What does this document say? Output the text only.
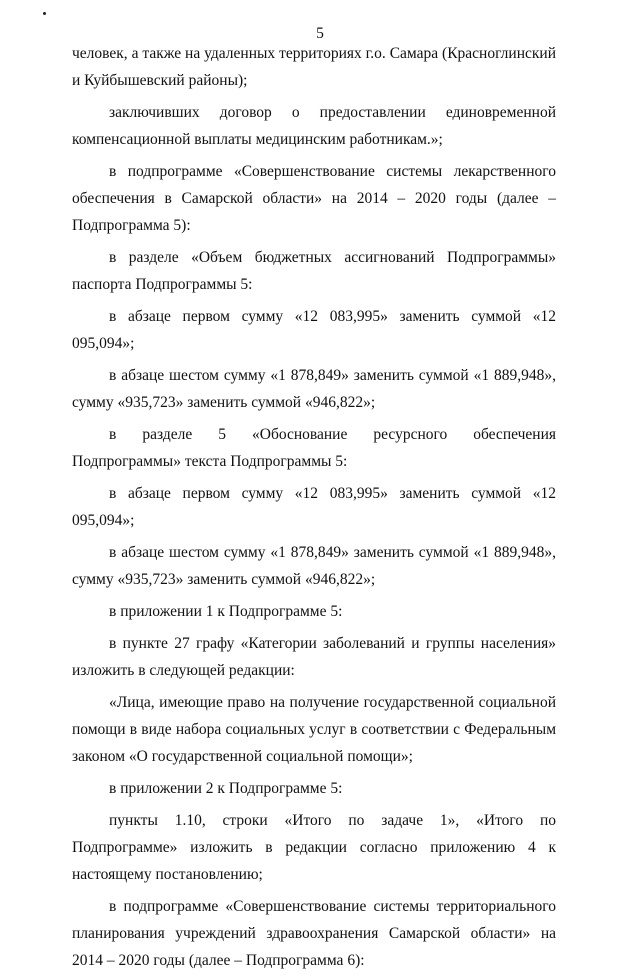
5

человек, а также на удаленных территориях г.о. Самара (Красноглинский и Куйбышевский районы);

заключивших договор о предоставлении единовременной компенсационной выплаты медицинским работникам.»;

в подпрограмме «Совершенствование системы лекарственного обеспечения в Самарской области» на 2014 – 2020 годы (далее – Подпрограмма 5):

в разделе «Объем бюджетных ассигнований Подпрограммы» паспорта Подпрограммы 5:

в абзаце первом сумму «12 083,995» заменить суммой «12 095,094»;

в абзаце шестом сумму «1 878,849» заменить суммой «1 889,948», сумму «935,723» заменить суммой «946,822»;

в разделе 5 «Обоснование ресурсного обеспечения Подпрограммы» текста Подпрограммы 5:

в абзаце первом сумму «12 083,995» заменить суммой «12 095,094»;

в абзаце шестом сумму «1 878,849» заменить суммой «1 889,948», сумму «935,723» заменить суммой «946,822»;

в приложении 1 к Подпрограмме 5:

в пункте 27 графу «Категории заболеваний и группы населения» изложить в следующей редакции:

«Лица, имеющие право на получение государственной социальной помощи в виде набора социальных услуг в соответствии с Федеральным законом «О государственной социальной помощи»;

в приложении 2 к Подпрограмме 5:

пункты 1.10, строки «Итого по задаче 1», «Итого по Подпрограмме» изложить в редакции согласно приложению 4 к настоящему постановлению;

в подпрограмме «Совершенствование системы территориального планирования учреждений здравоохранения Самарской области» на 2014 – 2020 годы (далее – Подпрограмма 6):
